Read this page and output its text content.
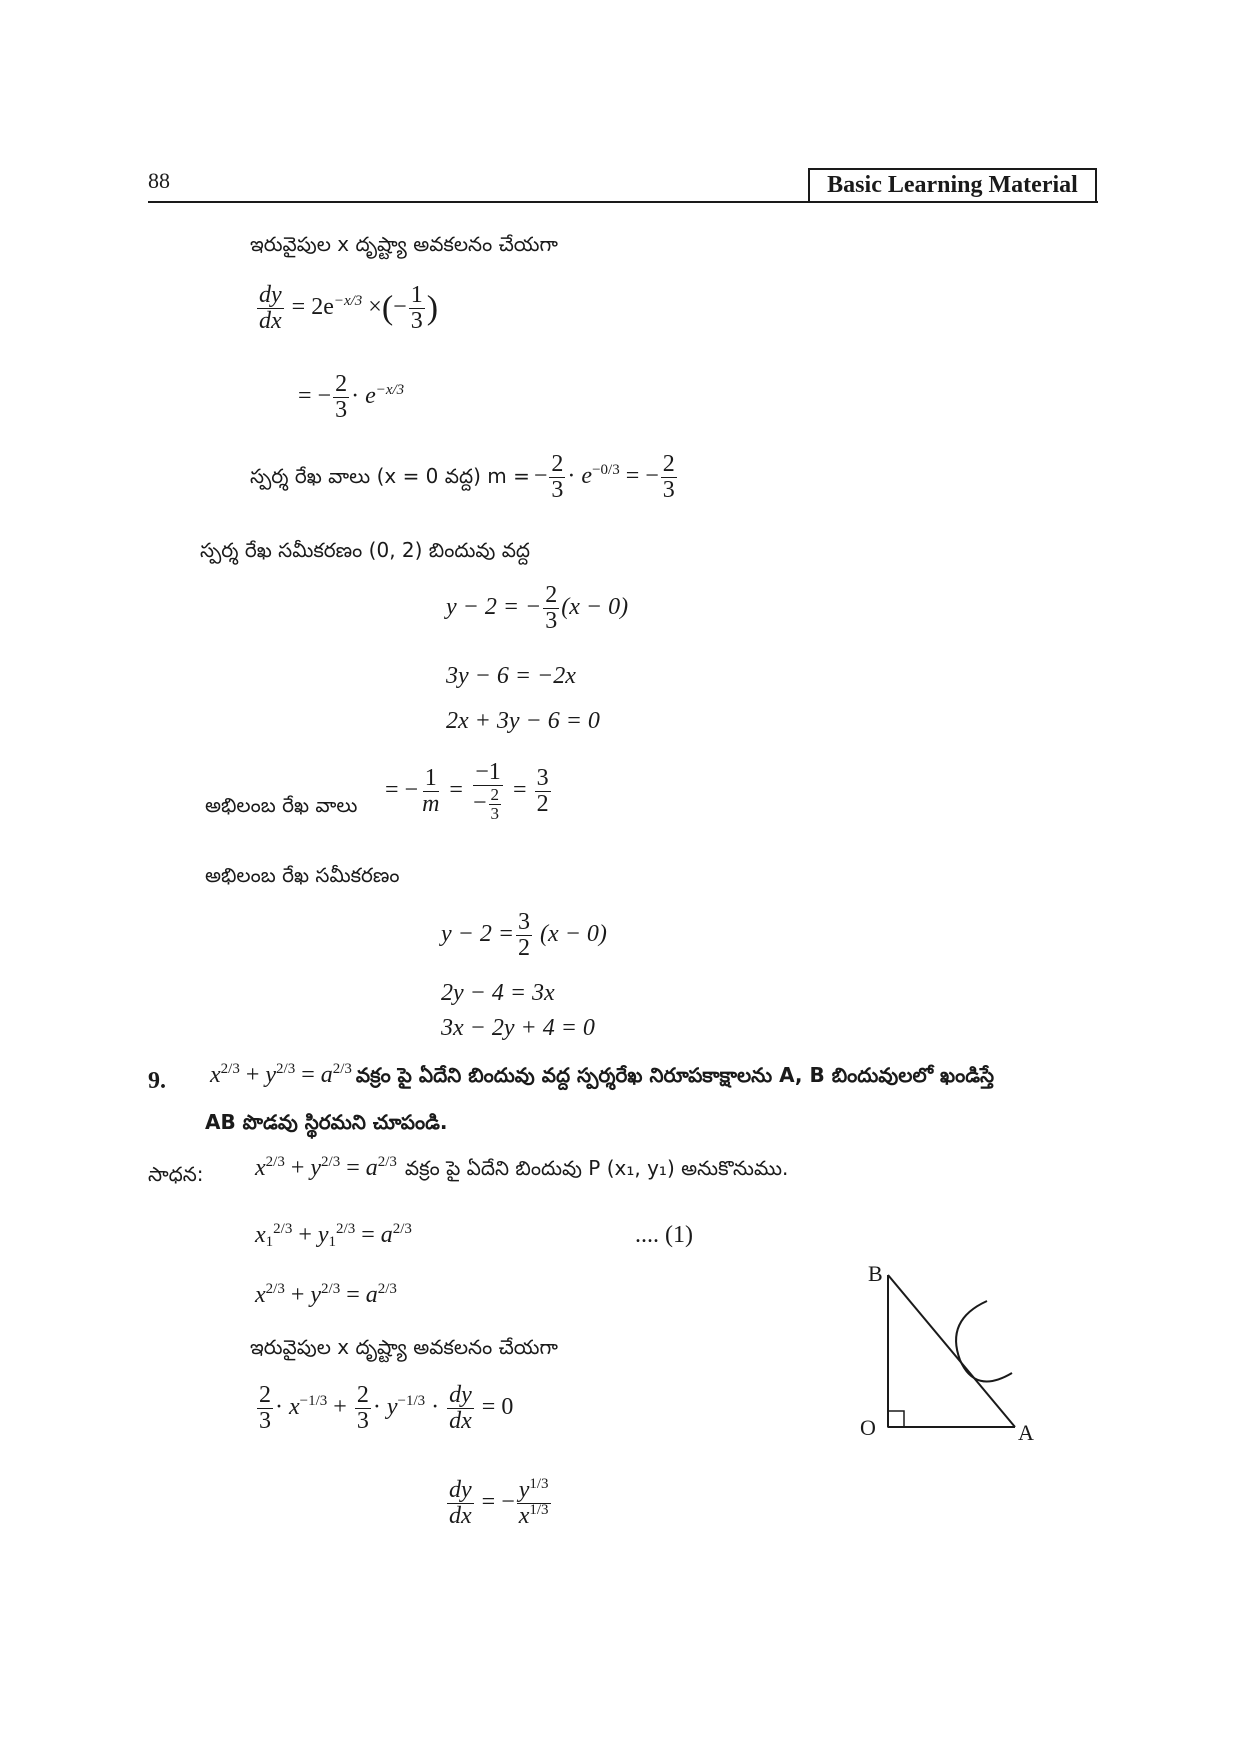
88	Basic Learning Material
ఇరువైపుల x దృష్ట్యా అవకలనం చేయగా
$\frac{dy}{dx} = 2e^{-x/3}$ ×(− $\frac{1}{3}$ )
= − $\frac{2}{3} \cdot e^{-x/3}$
స్పర్శ రేఖ వాలు (x = 0 వద్ద) m = − $\frac{2}{3} \cdot e^{-0/3}$ = − $\frac{2}{3}$
స్పర్శ రేఖ సమీకరణం (0, 2) బిందువు వద్ద
y − 2 = − $\frac{2}{3} (x - 0)$
3y − 6 = −2x
2x + 3y − 6 = 0
అభిలంబ రేఖ వాలు
= − $\frac{1}{m} = \frac{-1}{- \frac{2}{3}} = \frac{3}{2}$
అభిలంబ రేఖ సమీకరణం
$y - 2 = \frac{3}{2} (x - 0)$
2y − 4 = 3x
3x − 2y + 4 = 0
9. $x^{2/3} + y^{2/3} = a^{2/3}$ వక్రం పై ఏదేని బిందువు వద్ద స్పర్శరేఖ నిరూపకాక్షాలను A, B బిందువులలో ఖండిస్తే
AB పొడవు స్థిరమని చూపండి.
సాధన: $x^{2/3} + y^{2/3} = a^{2/3}$ వక్రం పై ఏదేని బిందువు P (x₁, y₁) అనుకొనుము.
$x_1^{2/3} + y_1^{2/3} = a^{2/3}$	.... (1)
$x^{2/3} + y^{2/3} = a^{2/3}$
ఇరువైపుల x దృష్ట్యా అవకలనం చేయగా
$\frac{2}{3} \cdot x^{-1/3} + \frac{2}{3} \cdot y^{-1/3} \cdot \frac{dy}{dx} = 0$
$\frac{dy}{dx}$ = − $\frac{y^{1/3}}{x^{1/3}}$
B
O	A
